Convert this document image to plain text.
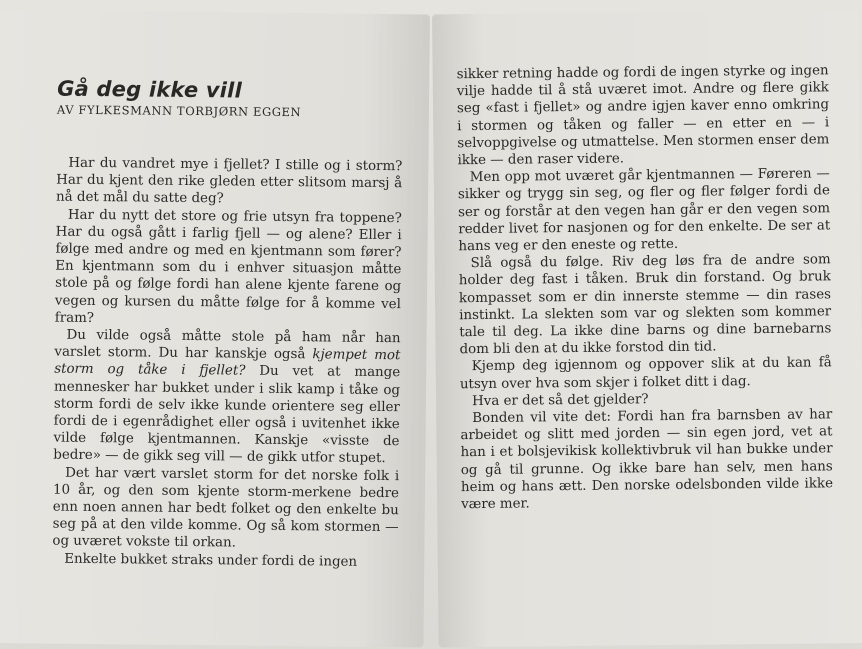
Gå deg ikke vill
AV FYLKESMANN TORBJØRN EGGEN

Har du vandret mye i fjellet? I stille og i storm? Har du kjent den rike gleden etter slitsom marsj å nå det mål du satte deg?

Har du nytt det store og frie utsyn fra toppene? Har du også gått i farlig fjell — og alene? Eller i følge med andre og med en kjentmann som fører? En kjentmann som du i enhver situasjon måtte stole på og følge fordi han alene kjente farene og vegen og kursen du måtte følge for å komme vel fram?

Du vilde også måtte stole på ham når han varslet storm. Du har kanskje også kjempet mot storm og tåke i fjellet? Du vet at mange mennesker har bukket under i slik kamp i tåke og storm fordi de selv ikke kunde orientere seg eller fordi de i egenrådighet eller også i uvitenhet ikke vilde følge kjentmannen. Kanskje «visste de bedre» — de gikk seg vill — de gikk utfor stupet.

Det har vært varslet storm for det norske folk i 10 år, og den som kjente storm-merkene bedre enn noen annen har bedt folket og den enkelte bu seg på at den vilde komme. Og så kom stormen — og uværet vokste til orkan.

Enkelte bukket straks under fordi de ingen

sikker retning hadde og fordi de ingen styrke og ingen vilje hadde til å stå uværet imot. Andre og flere gikk seg «fast i fjellet» og andre igjen kaver enno omkring i stormen og tåken og faller — en etter en — i selvoppgivelse og utmattelse. Men stormen enser dem ikke — den raser videre.

Men opp mot uværet går kjentmannen — Føreren — sikker og trygg sin seg, og fler og fler følger fordi de ser og forstår at den vegen han går er den vegen som redder livet for nasjonen og for den enkelte. De ser at hans veg er den eneste og rette.

Slå også du følge. Riv deg løs fra de andre som holder deg fast i tåken. Bruk din forstand. Og bruk kompasset som er din innerste stemme — din rases instinkt. La slekten som var og slekten som kommer tale til deg. La ikke dine barns og dine barnebarns dom bli den at du ikke forstod din tid.

Kjemp deg igjennom og oppover slik at du kan få utsyn over hva som skjer i folket ditt i dag.

Hva er det så det gjelder?

Bonden vil vite det: Fordi han fra barnsben av har arbeidet og slitt med jorden — sin egen jord, vet at han i et bolsjevikisk kollektivbruk vil han bukke under og gå til grunne. Og ikke bare han selv, men hans heim og hans ætt. Den norske odelsbonden vilde ikke være mer.
